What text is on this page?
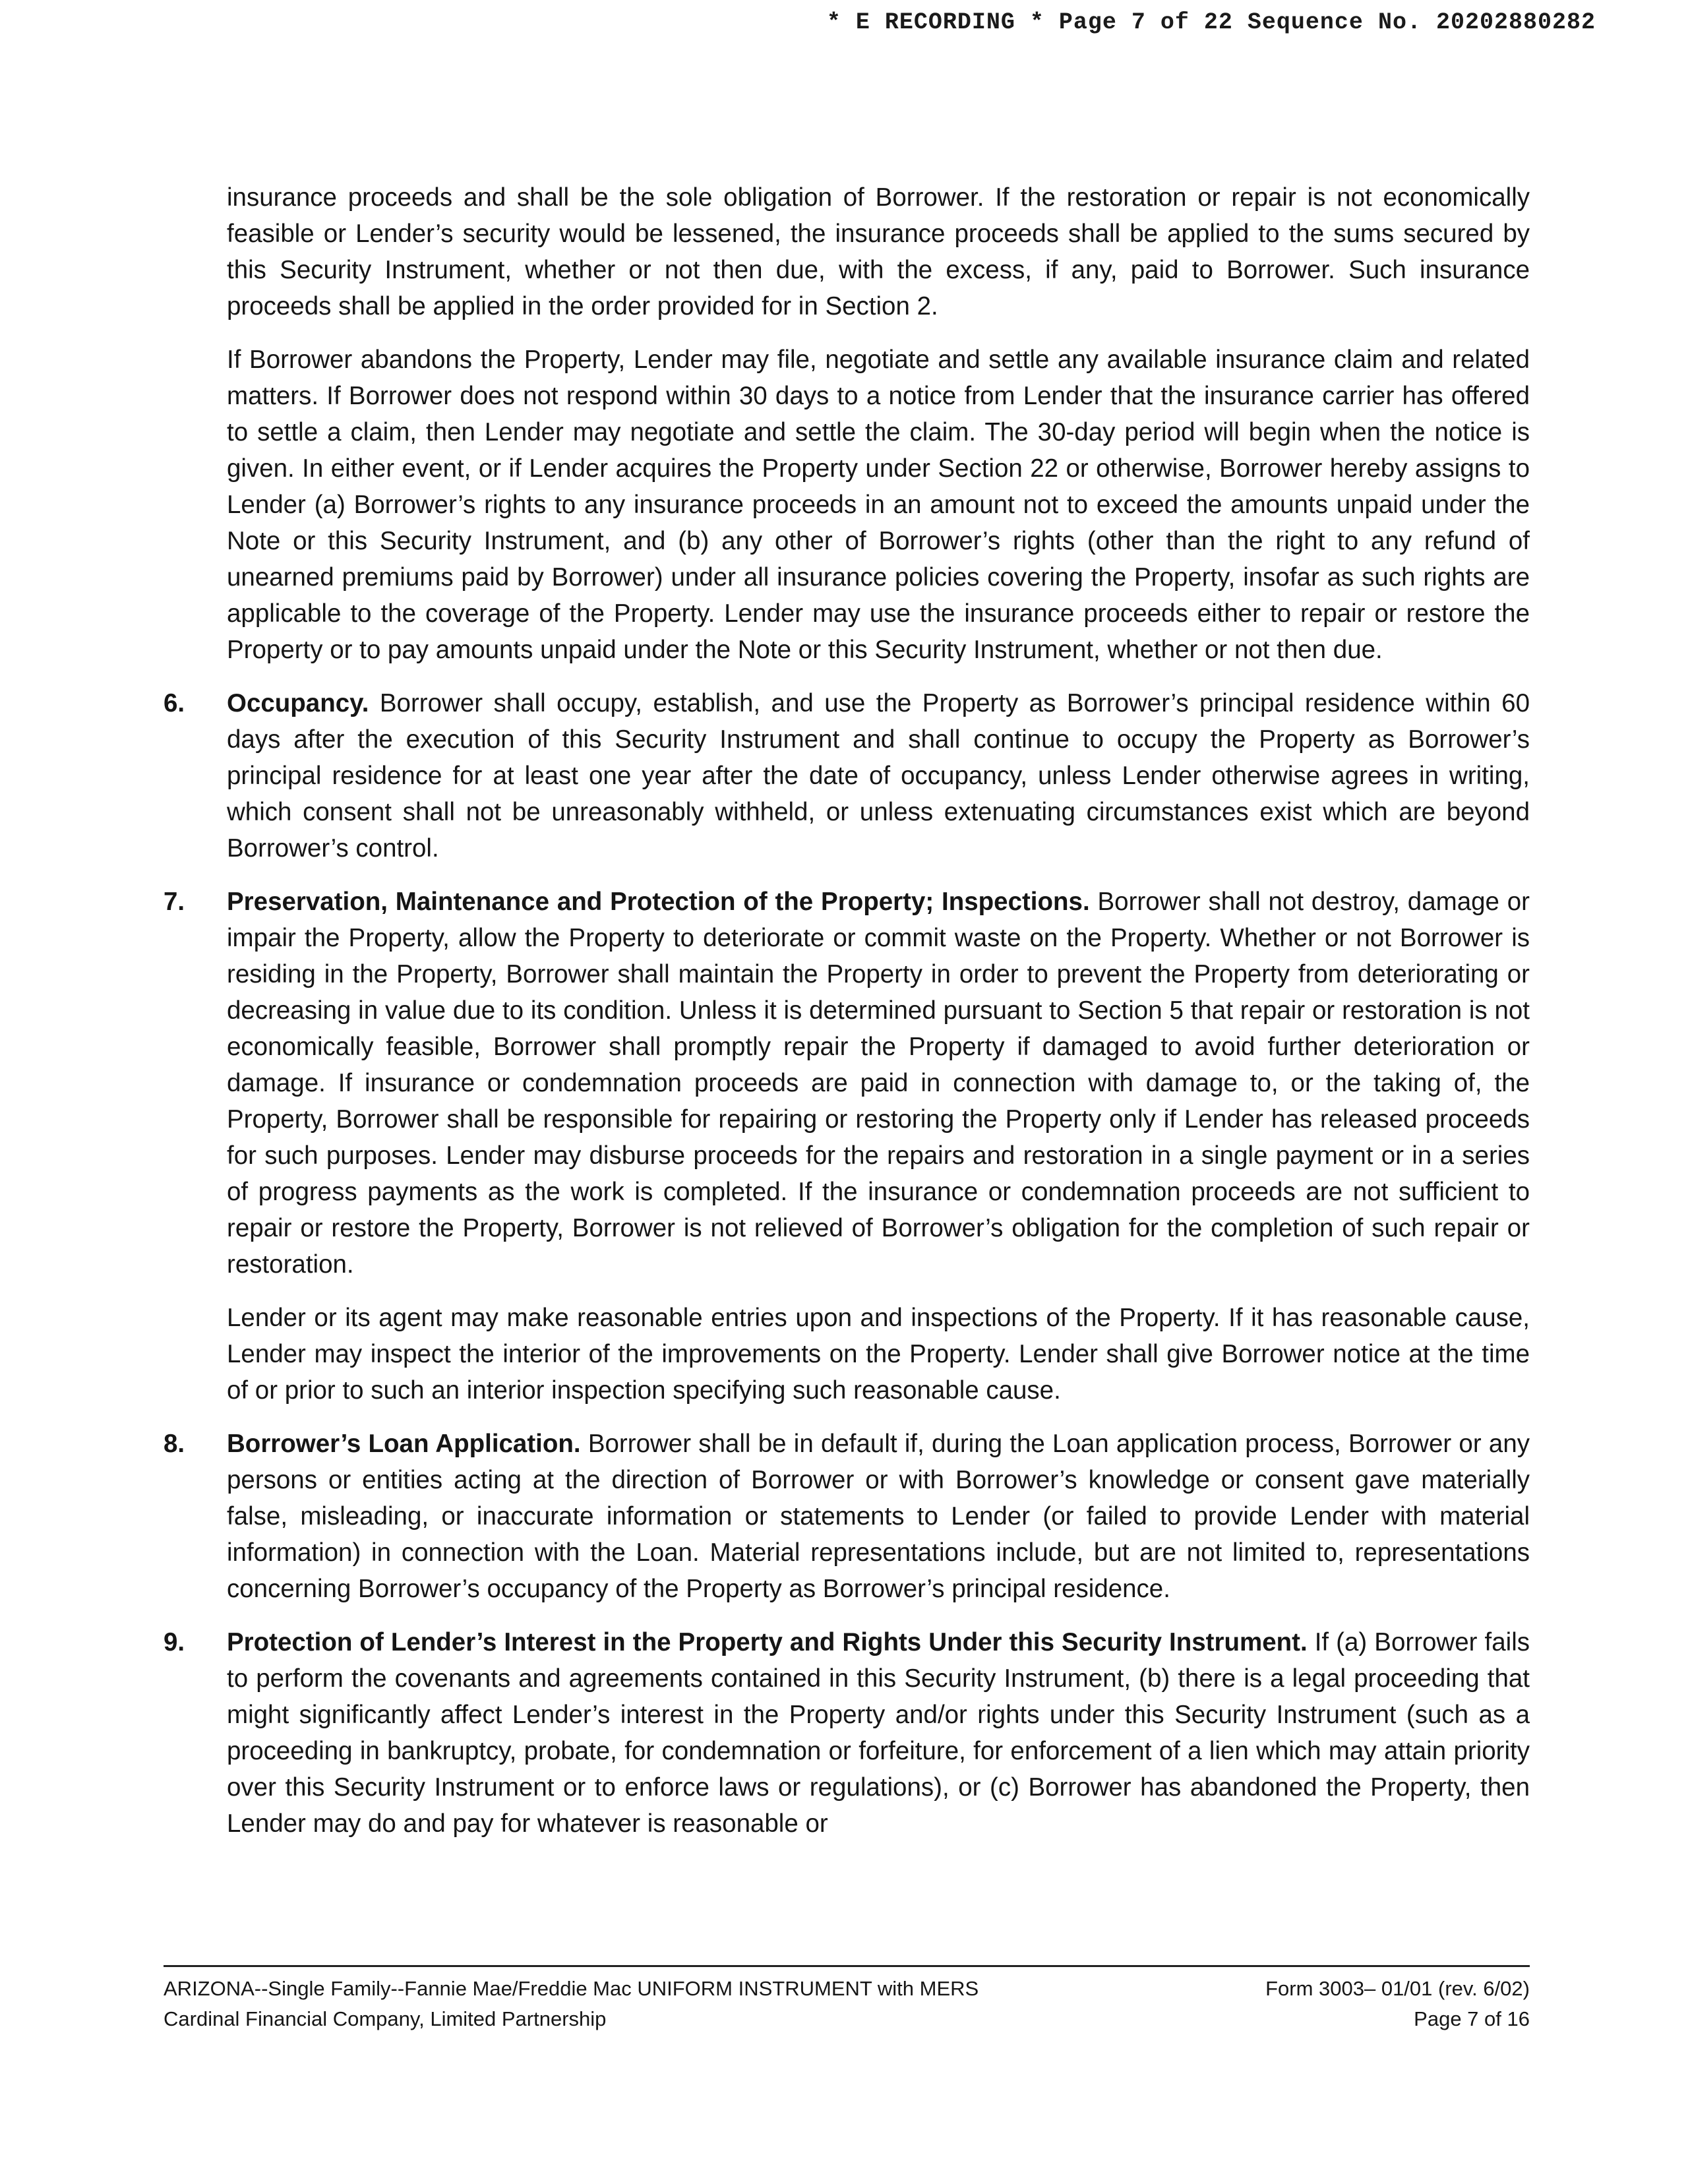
* E RECORDING * Page 7 of 22 Sequence No. 20202880282

insurance proceeds and shall be the sole obligation of Borrower. If the restoration or repair is not economically feasible or Lender’s security would be lessened, the insurance proceeds shall be applied to the sums secured by this Security Instrument, whether or not then due, with the excess, if any, paid to Borrower. Such insurance proceeds shall be applied in the order provided for in Section 2.

If Borrower abandons the Property, Lender may file, negotiate and settle any available insurance claim and related matters. If Borrower does not respond within 30 days to a notice from Lender that the insurance carrier has offered to settle a claim, then Lender may negotiate and settle the claim. The 30-day period will begin when the notice is given. In either event, or if Lender acquires the Property under Section 22 or otherwise, Borrower hereby assigns to Lender (a) Borrower’s rights to any insurance proceeds in an amount not to exceed the amounts unpaid under the Note or this Security Instrument, and (b) any other of Borrower’s rights (other than the right to any refund of unearned premiums paid by Borrower) under all insurance policies covering the Property, insofar as such rights are applicable to the coverage of the Property. Lender may use the insurance proceeds either to repair or restore the Property or to pay amounts unpaid under the Note or this Security Instrument, whether or not then due.

6. Occupancy. Borrower shall occupy, establish, and use the Property as Borrower’s principal residence within 60 days after the execution of this Security Instrument and shall continue to occupy the Property as Borrower’s principal residence for at least one year after the date of occupancy, unless Lender otherwise agrees in writing, which consent shall not be unreasonably withheld, or unless extenuating circumstances exist which are beyond Borrower’s control.
7. Preservation, Maintenance and Protection of the Property; Inspections. Borrower shall not destroy, damage or impair the Property, allow the Property to deteriorate or commit waste on the Property. Whether or not Borrower is residing in the Property, Borrower shall maintain the Property in order to prevent the Property from deteriorating or decreasing in value due to its condition. Unless it is determined pursuant to Section 5 that repair or restoration is not economically feasible, Borrower shall promptly repair the Property if damaged to avoid further deterioration or damage. If insurance or condemnation proceeds are paid in connection with damage to, or the taking of, the Property, Borrower shall be responsible for repairing or restoring the Property only if Lender has released proceeds for such purposes. Lender may disburse proceeds for the repairs and restoration in a single payment or in a series of progress payments as the work is completed. If the insurance or condemnation proceeds are not sufficient to repair or restore the Property, Borrower is not relieved of Borrower’s obligation for the completion of such repair or restoration.
Lender or its agent may make reasonable entries upon and inspections of the Property. If it has reasonable cause, Lender may inspect the interior of the improvements on the Property. Lender shall give Borrower notice at the time of or prior to such an interior inspection specifying such reasonable cause.
8. Borrower’s Loan Application. Borrower shall be in default if, during the Loan application process, Borrower or any persons or entities acting at the direction of Borrower or with Borrower’s knowledge or consent gave materially false, misleading, or inaccurate information or statements to Lender (or failed to provide Lender with material information) in connection with the Loan. Material representations include, but are not limited to, representations concerning Borrower’s occupancy of the Property as Borrower’s principal residence.
9. Protection of Lender’s Interest in the Property and Rights Under this Security Instrument. If (a) Borrower fails to perform the covenants and agreements contained in this Security Instrument, (b) there is a legal proceeding that might significantly affect Lender’s interest in the Property and/or rights under this Security Instrument (such as a proceeding in bankruptcy, probate, for condemnation or forfeiture, for enforcement of a lien which may attain priority over this Security Instrument or to enforce laws or regulations), or (c) Borrower has abandoned the Property, then Lender may do and pay for whatever is reasonable or
ARIZONA--Single Family--Fannie Mae/Freddie Mac UNIFORM INSTRUMENT with MERS	Form 3003– 01/01 (rev. 6/02)
Cardinal Financial Company, Limited Partnership	Page 7 of 16
